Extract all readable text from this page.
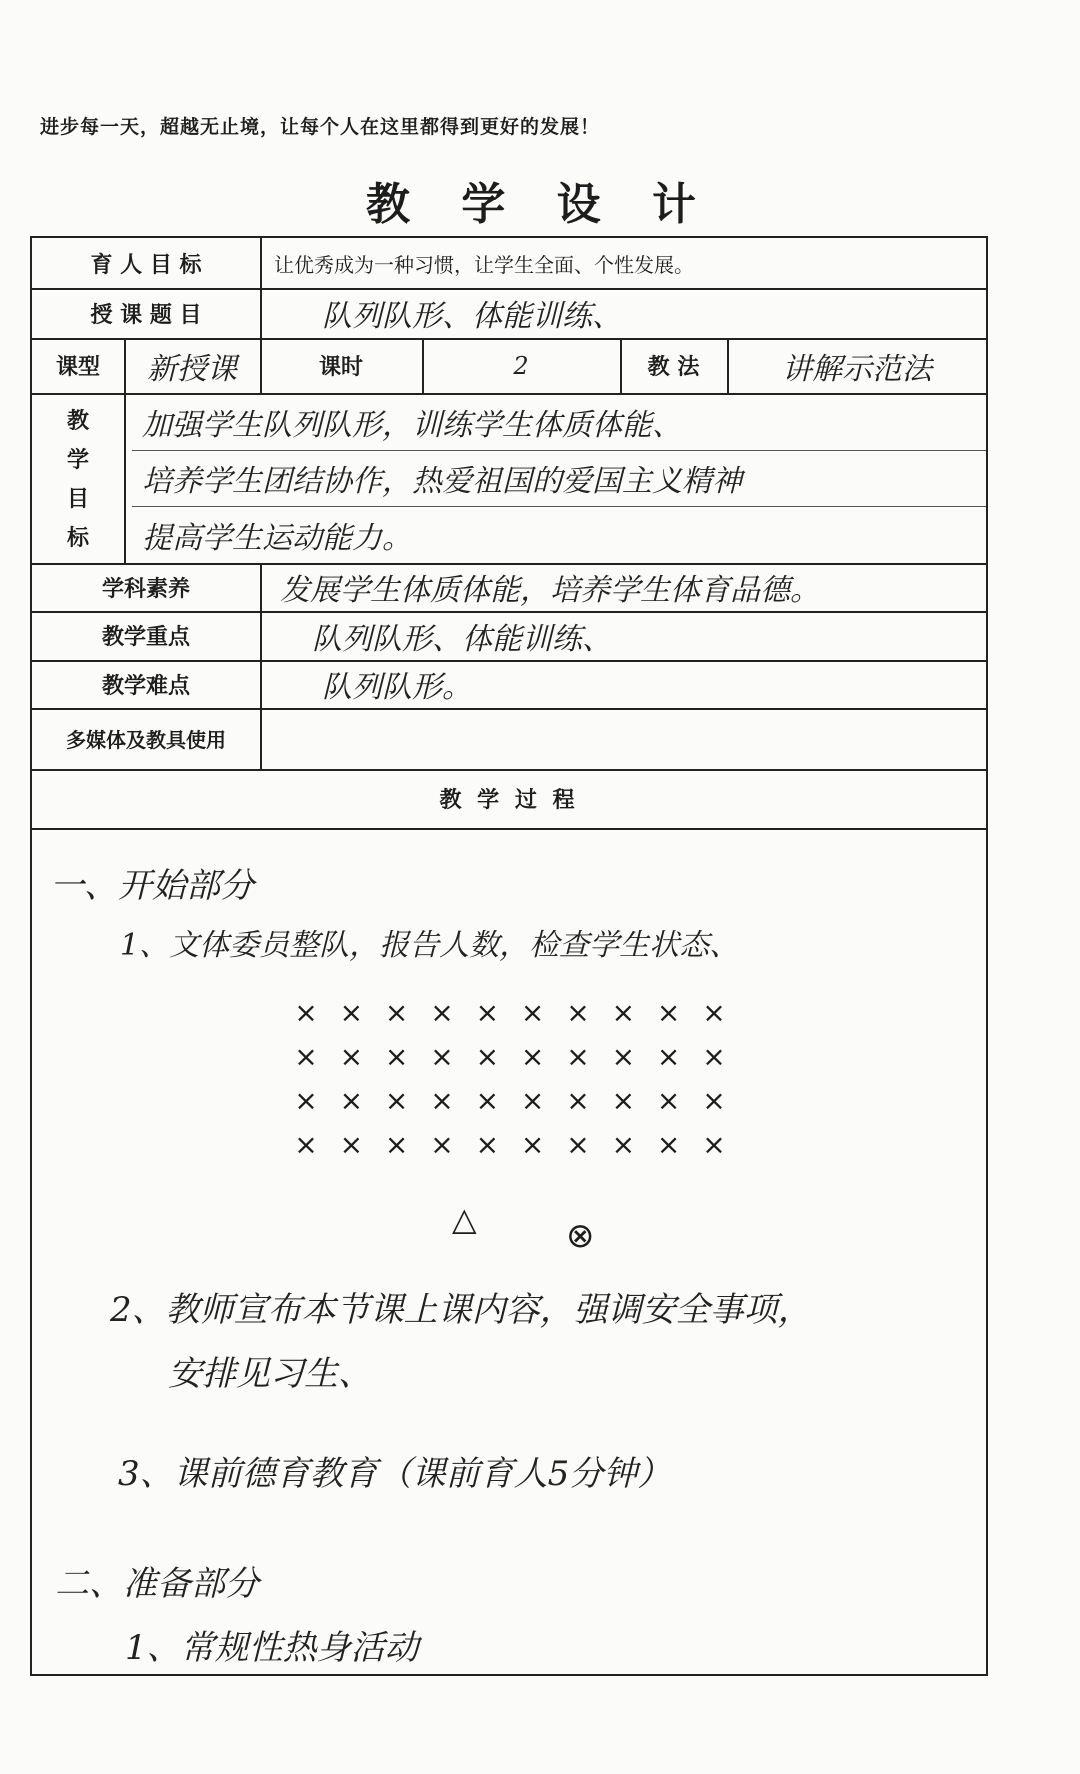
进步每一天，超越无止境，让每个人在这里都得到更好的发展！
教 学 设 计
育 人 目 标	让优秀成为一种习惯，让学生全面、个性发展。
授 课 题 目	队列队形、体能训练、
课型	新授课	课时	2	教 法	讲解示范法
教
学
目
标
加强学生队列队形，训练学生体质体能、
培养学生团结协作，热爱祖国的爱国主义精神
提高学生运动能力。
学科素养	发展学生体质体能，培养学生体育品德。
教学重点	队列队形、体能训练、
教学难点	队列队形。
多媒体及教具使用
教 学 过 程
一、开始部分
1、文体委员整队，报告人数，检查学生状态、
× × × × × × × × × ×
× × × × × × × × × ×
× × × × × × × × × ×
× × × × × × × × × ×
△	⊗
2、教师宣布本节课上课内容，强调安全事项，
安排见习生、
3、课前德育教育（课前育人5分钟）
二、准备部分
1、常规性热身活动
